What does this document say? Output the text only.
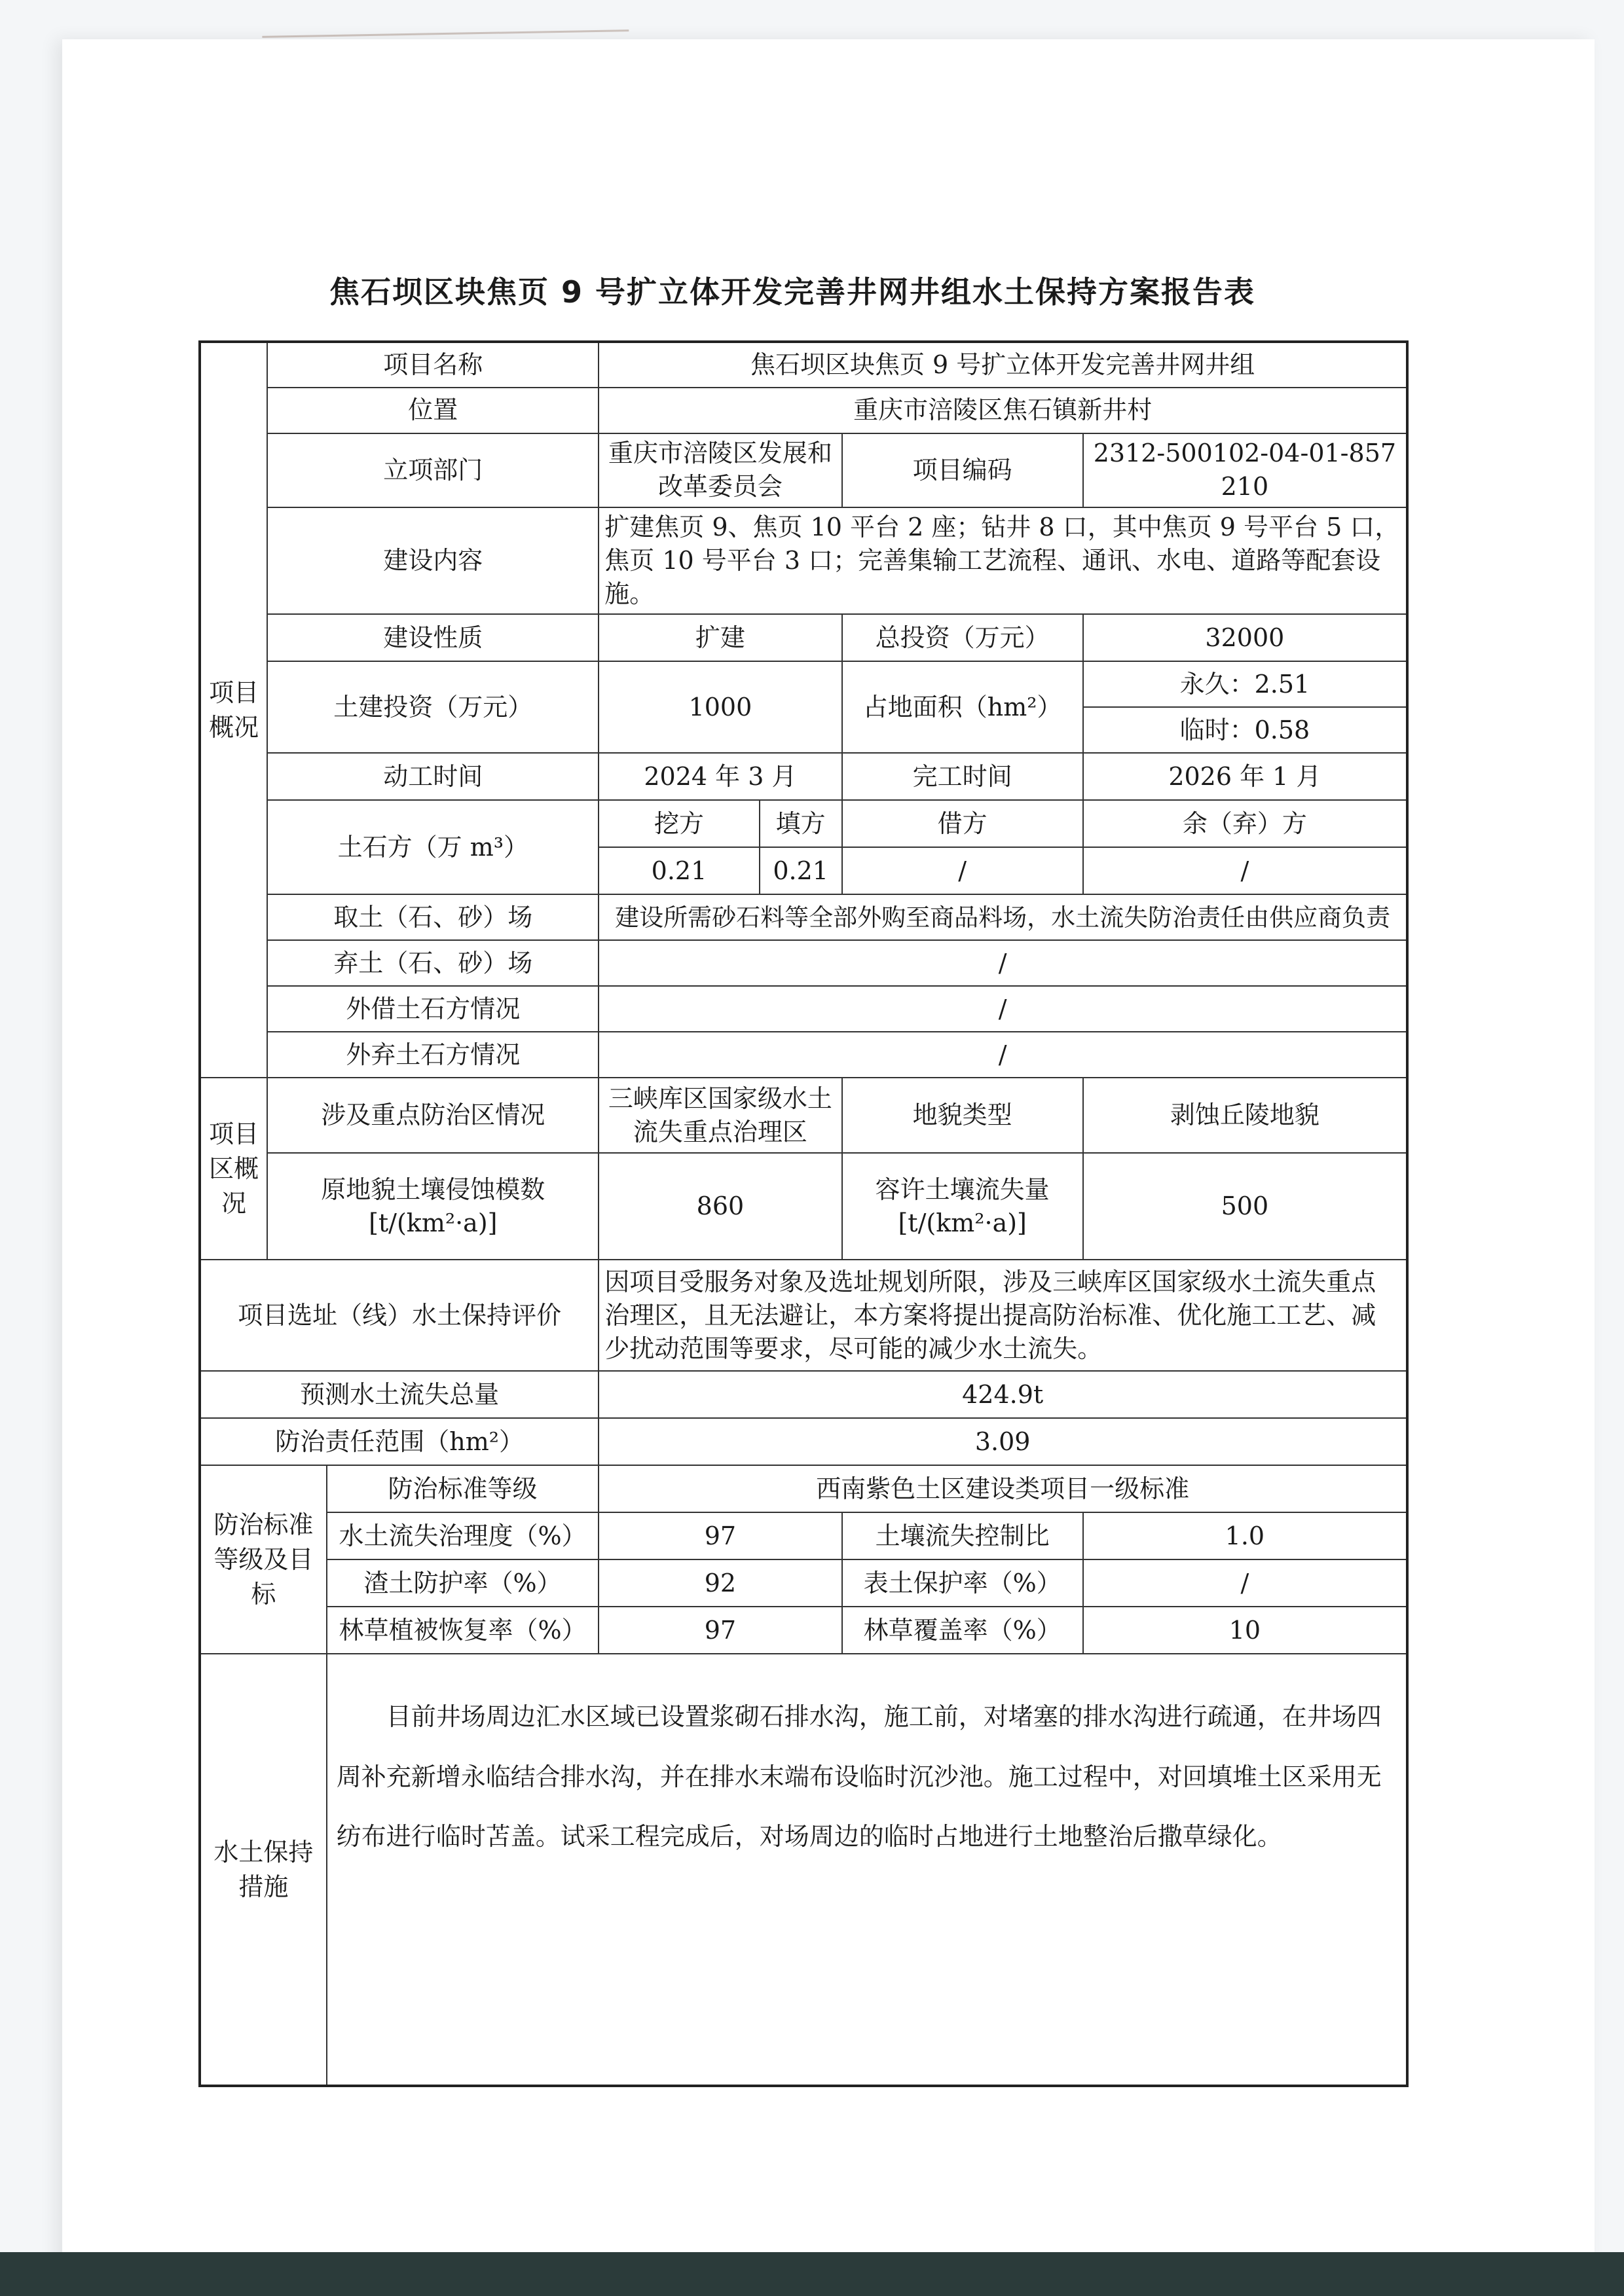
焦石坝区块焦页 9 号扩立体开发完善井网井组水土保持方案报告表
项目概况	项目名称		焦石坝区块焦页 9 号扩立体开发完善井网井组			
	位置		重庆市涪陵区焦石镇新井村			
	立项部门		重庆市涪陵区发展和改革委员会		项目编码	2312-500102-04-01-857210
	建设内容		扩建焦页 9、焦页 10 平台 2 座；钻井 8 口，其中焦页 9 号平台 5 口，焦页 10 号平台 3 口；完善集输工艺流程、通讯、水电、道路等配套设施。			
	建设性质		扩建		总投资（万元）	32000
	土建投资（万元）		1000		占地面积（hm²）	永久：2.51
						临时：0.58
	动工时间		2024 年 3 月		完工时间	2026 年 1 月
	土石方（万 m³）		挖方	填方	借方	余（弃）方
			0.21	0.21	/	/
	取土（石、砂）场		建设所需砂石料等全部外购至商品料场，水土流失防治责任由供应商负责			
	弃土（石、砂）场		/			
	外借土石方情况		/			
	外弃土石方情况		/			

项目区概况	涉及重点防治区情况		三峡库区国家级水土流失重点治理区		地貌类型	剥蚀丘陵地貌
	原地貌土壤侵蚀模数[t/(km²·a)]		860		容许土壤流失量[t/(km²·a)]	500
项目选址（线）水土保持评价			因项目受服务对象及选址规划所限，涉及三峡库区国家级水土流失重点治理区，且无法避让，本方案将提出提高防治标准、优化施工工艺、减少扰动范围等要求，尽可能的减少水土流失。			
预测水土流失总量			424.9t			
防治责任范围（hm²）			3.09			
防治标准等级及目标		防治标准等级	西南紫色土区建设类项目一级标准			
		水土流失治理度（%）	97		土壤流失控制比	1.0
		渣土防护率（%）	92		表土保护率（%）	/
		林草植被恢复率（%）	97		林草覆盖率（%）	10
水土保持措施		目前井场周边汇水区域已设置浆砌石排水沟，施工前，对堵塞的排水沟进行疏通，在井场四周补充新增永临结合排水沟，并在排水末端布设临时沉沙池。施工过程中，对回填堆土区采用无纺布进行临时苫盖。试采工程完成后，对场周边的临时占地进行土地整治后撒草绿化。				
